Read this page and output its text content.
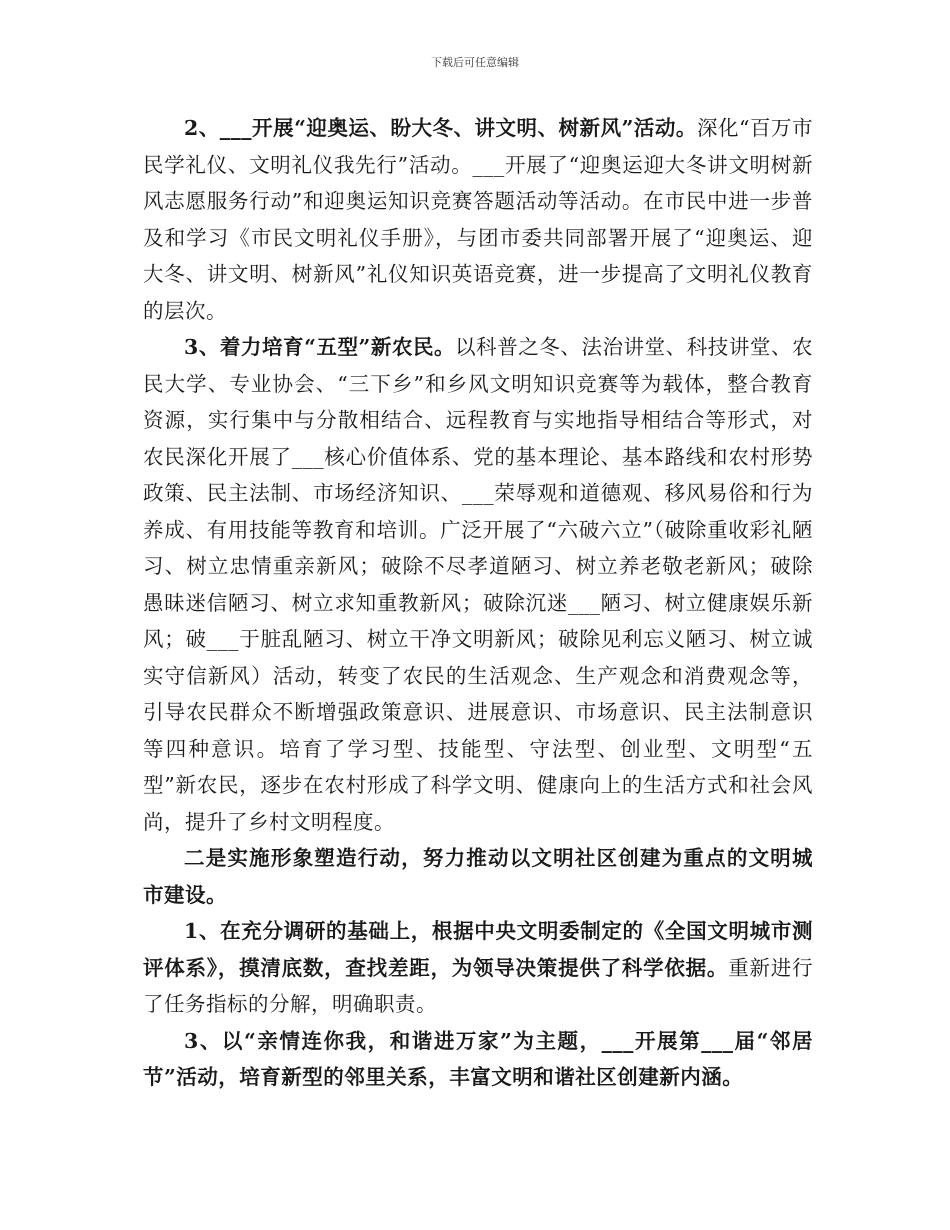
下载后可任意编辑

2、___开展“迎奥运、盼大冬、讲文明、树新风”活动。深化“百万市民学礼仪、文明礼仪我先行”活动。___开展了“迎奥运迎大冬讲文明树新风志愿服务行动”和迎奥运知识竞赛答题活动等活动。在市民中进一步普及和学习《市民文明礼仪手册》，与团市委共同部署开展了“迎奥运、迎大冬、讲文明、树新风”礼仪知识英语竞赛，进一步提高了文明礼仪教育的层次。

3、着力培育“五型”新农民。以科普之冬、法治讲堂、科技讲堂、农民大学、专业协会、“三下乡”和乡风文明知识竞赛等为载体，整合教育资源，实行集中与分散相结合、远程教育与实地指导相结合等形式，对农民深化开展了___核心价值体系、党的基本理论、基本路线和农村形势政策、民主法制、市场经济知识、___荣辱观和道德观、移风易俗和行为养成、有用技能等教育和培训。广泛开展了“六破六立”（破除重收彩礼陋习、树立忠情重亲新风；破除不尽孝道陋习、树立养老敬老新风；破除愚昧迷信陋习、树立求知重教新风；破除沉迷___陋习、树立健康娱乐新风；破___于脏乱陋习、树立干净文明新风；破除见利忘义陋习、树立诚实守信新风）活动，转变了农民的生活观念、生产观念和消费观念等，引导农民群众不断增强政策意识、进展意识、市场意识、民主法制意识等四种意识。培育了学习型、技能型、守法型、创业型、文明型“五型”新农民，逐步在农村形成了科学文明、健康向上的生活方式和社会风尚，提升了乡村文明程度。

二是实施形象塑造行动，努力推动以文明社区创建为重点的文明城市建设。

1、在充分调研的基础上，根据中央文明委制定的《全国文明城市测评体系》，摸清底数，查找差距，为领导决策提供了科学依据。重新进行了任务指标的分解，明确职责。

3、以“亲情连你我，和谐进万家”为主题，___开展第___届“邻居节”活动，培育新型的邻里关系，丰富文明和谐社区创建新内涵。
